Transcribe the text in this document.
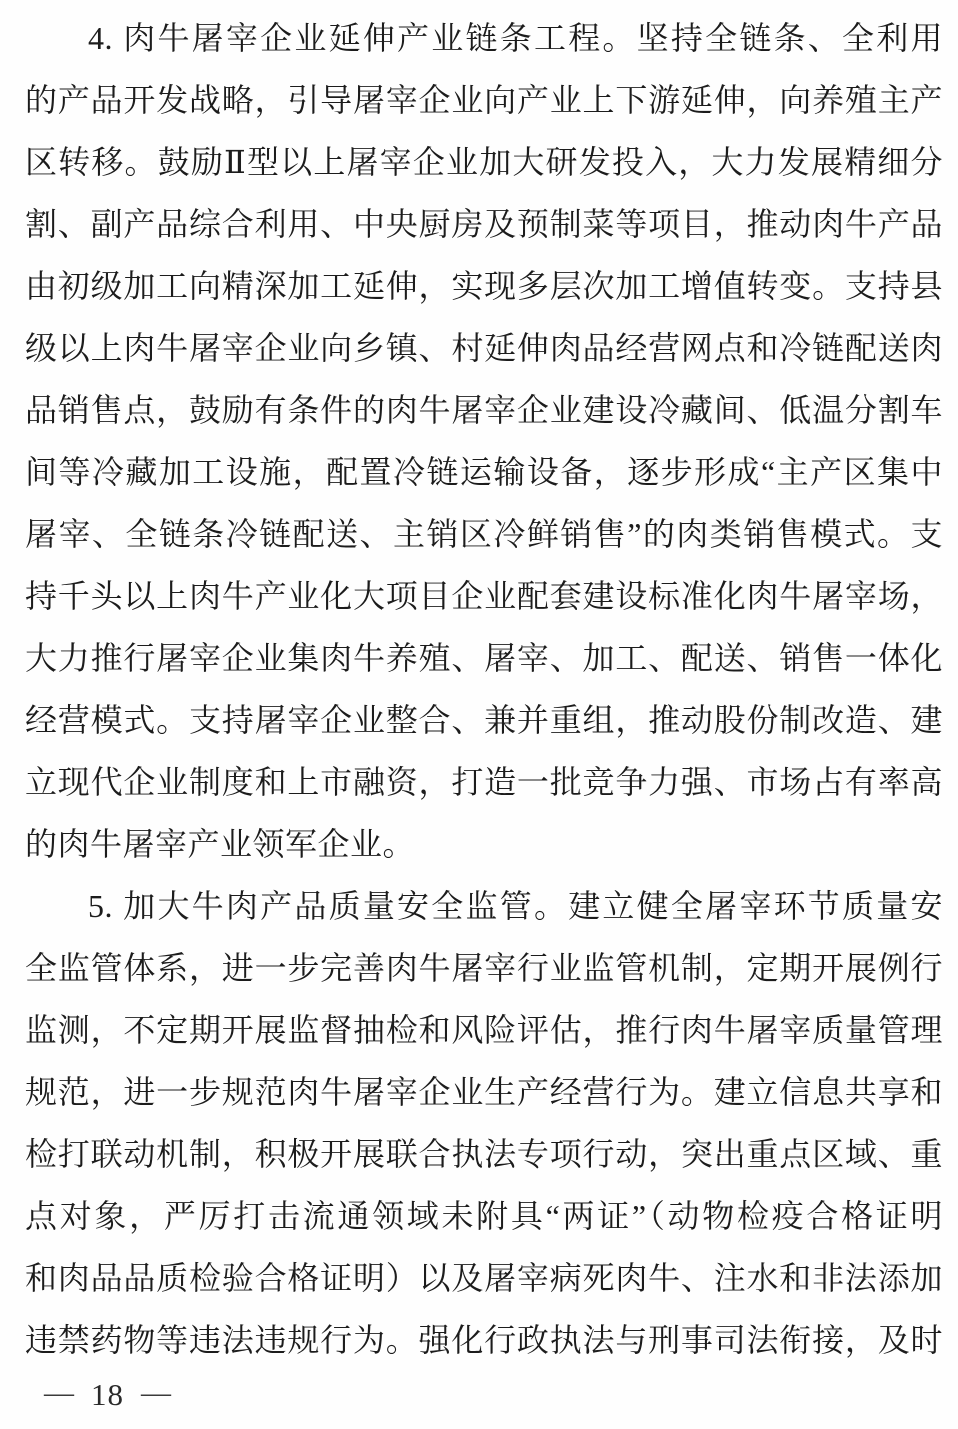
4. 肉牛屠宰企业延伸产业链条工程。坚持全链条、全利用
的产品开发战略，引导屠宰企业向产业上下游延伸，向养殖主产
区转移。鼓励Ⅱ型以上屠宰企业加大研发投入，大力发展精细分
割、副产品综合利用、中央厨房及预制菜等项目，推动肉牛产品
由初级加工向精深加工延伸，实现多层次加工增值转变。支持县
级以上肉牛屠宰企业向乡镇、村延伸肉品经营网点和冷链配送肉
品销售点，鼓励有条件的肉牛屠宰企业建设冷藏间、低温分割车
间等冷藏加工设施，配置冷链运输设备，逐步形成“主产区集中
屠宰、全链条冷链配送、主销区冷鲜销售”的肉类销售模式。支
持千头以上肉牛产业化大项目企业配套建设标准化肉牛屠宰场，
大力推行屠宰企业集肉牛养殖、屠宰、加工、配送、销售一体化
经营模式。支持屠宰企业整合、兼并重组，推动股份制改造、建
立现代企业制度和上市融资，打造一批竞争力强、市场占有率高
的肉牛屠宰产业领军企业。
5. 加大牛肉产品质量安全监管。建立健全屠宰环节质量安
全监管体系，进一步完善肉牛屠宰行业监管机制，定期开展例行
监测，不定期开展监督抽检和风险评估，推行肉牛屠宰质量管理
规范，进一步规范肉牛屠宰企业生产经营行为。建立信息共享和
检打联动机制，积极开展联合执法专项行动，突出重点区域、重
点对象，严厉打击流通领域未附具“两证”（动物检疫合格证明
和肉品品质检验合格证明）以及屠宰病死肉牛、注水和非法添加
违禁药物等违法违规行为。强化行政执法与刑事司法衔接，及时
— 18 —
